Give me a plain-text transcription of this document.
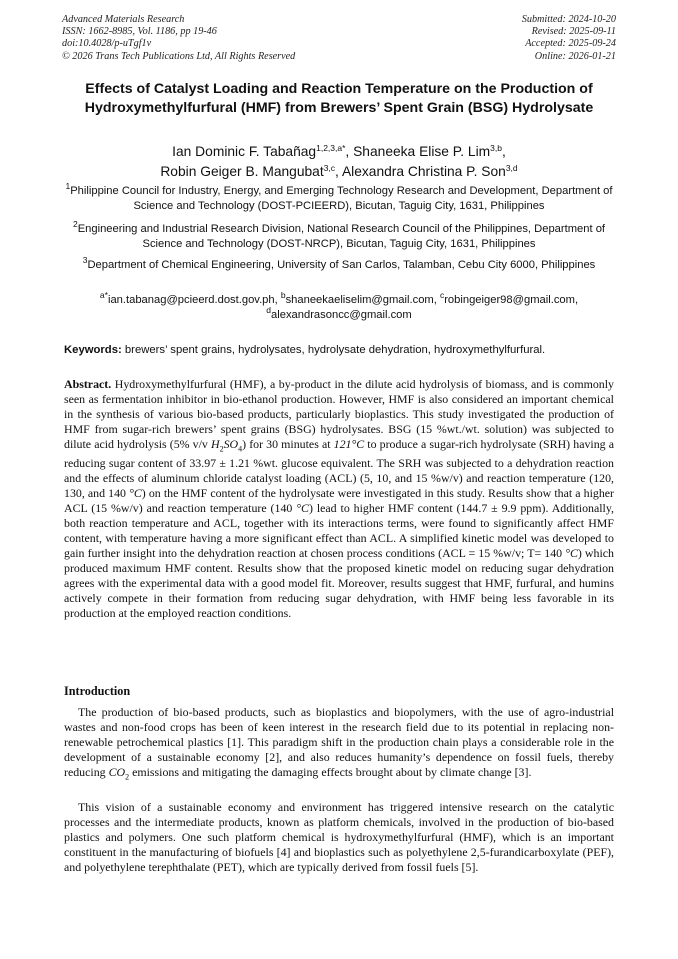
Advanced Materials Research
ISSN: 1662-8985, Vol. 1186, pp 19-46
doi:10.4028/p-uTgf1v
© 2026 Trans Tech Publications Ltd, All Rights Reserved
Submitted: 2024-10-20
Revised: 2025-09-11
Accepted: 2025-09-24
Online: 2026-01-21
Effects of Catalyst Loading and Reaction Temperature on the Production of Hydroxymethylfurfural (HMF) from Brewers’ Spent Grain (BSG) Hydrolysate
Ian Dominic F. Tabañag$^{1,2,3,a*}$, Shaneeka Elise P. Lim$^{3,b}$,
Robin Geiger B. Mangubat$^{3,c}$, Alexandra Christina P. Son$^{3,d}$
$^1$Philippine Council for Industry, Energy, and Emerging Technology Research and Development, Department of Science and Technology (DOST-PCIEERD), Bicutan, Taguig City, 1631, Philippines
$^2$Engineering and Industrial Research Division, National Research Council of the Philippines, Department of Science and Technology (DOST-NRCP), Bicutan, Taguig City, 1631, Philippines
$^3$Department of Chemical Engineering, University of San Carlos, Talamban, Cebu City 6000, Philippines
$^{a*}$ian.tabanag@pcieerd.dost.gov.ph, $^b$shaneekaeliselim@gmail.com, $^c$robingeiger98@gmail.com,
$^d$alexandrasoncc@gmail.com
Keywords: brewers’ spent grains, hydrolysates, hydrolysate dehydration, hydroxymethylfurfural.
Abstract. Hydroxymethylfurfural (HMF), a by-product in the dilute acid hydrolysis of biomass, and is commonly seen as fermentation inhibitor in bio-ethanol production. However, HMF is also considered an important chemical in the synthesis of various bio-based products, particularly bioplastics. This study investigated the production of HMF from sugar-rich brewers’ spent grains (BSG) hydrolysates. BSG (15 %wt./wt. solution) was subjected to dilute acid hydrolysis (5% v/v $H_2SO_4$) for 30 minutes at 121°C to produce a sugar-rich hydrolysate (SRH) having a reducing sugar content of 33.97 ± 1.21 %wt. glucose equivalent. The SRH was subjected to a dehydration reaction and the effects of aluminum chloride catalyst loading (ACL) (5, 10, and 15 %w/v) and reaction temperature (120, 130, and 140 °C) on the HMF content of the hydrolysate were investigated in this study. Results show that a higher ACL (15 %w/v) and reaction temperature (140 °C) lead to higher HMF content (144.7 ± 9.9 ppm). Additionally, both reaction temperature and ACL, together with its interactions terms, were found to significantly affect HMF content, with temperature having a more significant effect than ACL. A simplified kinetic model was developed to gain further insight into the dehydration reaction at chosen process conditions (ACL = 15 %w/v; T= 140 °C) which produced maximum HMF content. Results show that the proposed kinetic model on reducing sugar dehydration agrees with the experimental data with a good model fit. Moreover, results suggest that HMF, furfural, and humins actively compete in their formation from reducing sugar dehydration, with HMF being less favorable in its production at the employed reaction conditions.
Introduction
The production of bio-based products, such as bioplastics and biopolymers, with the use of agro-industrial wastes and non-food crops has been of keen interest in the research field due to its potential in replacing non-renewable petrochemical plastics [1]. This paradigm shift in the production chain plays a considerable role in the development of a sustainable economy [2], and also reduces humanity’s dependence on fossil fuels, thereby reducing $CO_2$ emissions and mitigating the damaging effects brought about by climate change [3].
This vision of a sustainable economy and environment has triggered intensive research on the catalytic processes and the intermediate products, known as platform chemicals, involved in the production of bio-based plastics and polymers. One such platform chemical is hydroxymethylfurfural (HMF), which is an important constituent in the manufacturing of biofuels [4] and bioplastics such as polyethylene 2,5-furandicarboxylate (PEF), and polyethylene terephthalate (PET), which are typically derived from fossil fuels [5].
